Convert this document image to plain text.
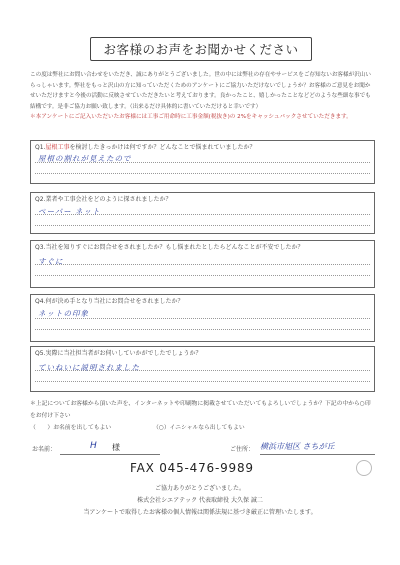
お客様のお声をお聞かせください
この度は弊社にお問い合わせをいただき、誠にありがとうございました。世の中には弊社の存在やサービスをご存知ないお客様が沢山いらっしゃいます。弊社をもっと沢山の方に知っていただくためのアンケートにご協力いただけないでしょうか？お客様のご意見をお聞かせいただけますと今後の活動に反映させていただきたいと考えております。良かったこと、嬉しかったことなどどのような些細な事でも結構です。是非ご協力お願い致します。（出来るだけ具体的に書いていただけると幸いです）
＊本アンケートにご記入いただいたお客様には工事ご用命時に工事金額(税抜き)の 2%をキャッシュバックさせていただきます。
Q1.屋根工事を検討したきっかけは何ですか？どんなことで悩まれていましたか？
屋根の割れが見えたので
Q2.業者や工事会社をどのように探されましたか？
ペーパー ネット
Q3.当社を知りすぐにお問合せをされましたか？もし悩まれたとしたらどんなことが不安でしたか？
すぐに
Q4.何が決め手となり当社にお問合せをされましたか？
ネットの印象
Q5.実際に当社担当者がお伺いしていかがでしたでしょうか？
ていねいに説明されました
＊上記についてお客様から頂いた声を、インターネットや印刷物に掲載させていただいてもよろしいでしょうか？下記の中から○印をお付け下さい
（　　）お名前を出してもよい	（○）イニシャルなら出してもよい
お名前：	H 様	ご住所： 横浜市旭区 さちが丘
FAX 045-476-9989
ご協力ありがとうございました。
株式会社シエアテック 代表取締役 大久保 誠二
当アンケートで取得したお客様の個人情報は関係法規に基づき厳正に管理いたします。
